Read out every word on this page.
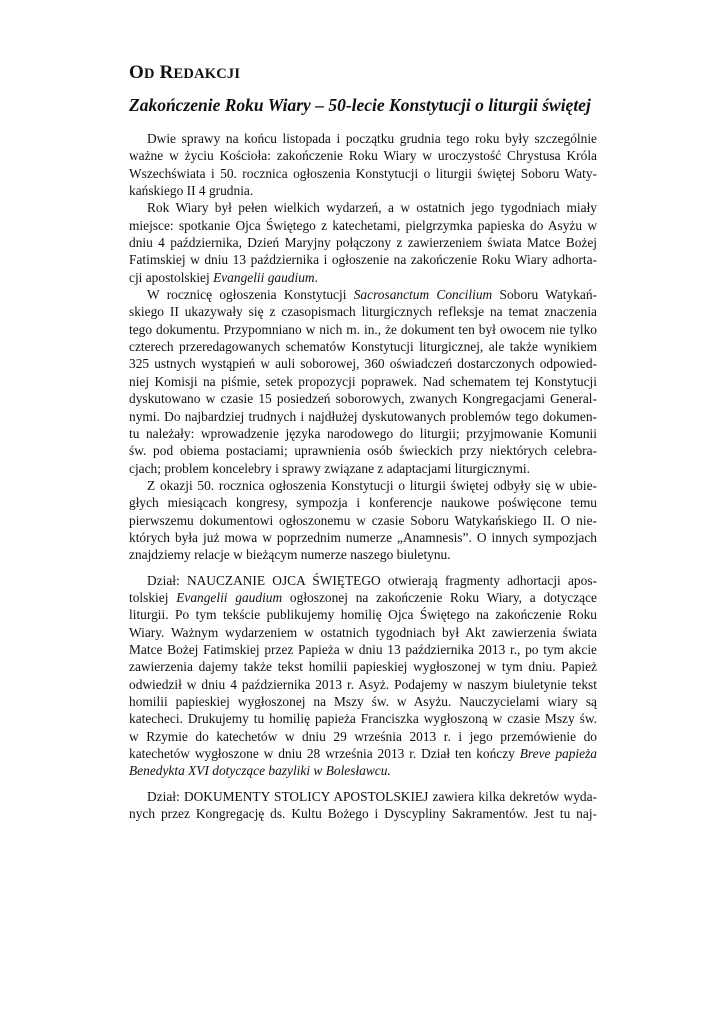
OD REDAKCJI
Zakończenie Roku Wiary – 50-lecie Konstytucji o liturgii świętej
Dwie sprawy na końcu listopada i początku grudnia tego roku były szczególnie
ważne w życiu Kościoła: zakończenie Roku Wiary w uroczystość Chrystusa Króla
Wszechświata i 50. rocznica ogłoszenia Konstytucji o liturgii świętej Soboru Waty-
kańskiego II 4 grudnia.
Rok Wiary był pełen wielkich wydarzeń, a w ostatnich jego tygodniach miały
miejsce: spotkanie Ojca Świętego z katechetami, pielgrzymka papieska do Asyżu w
dniu 4 października, Dzień Maryjny połączony z zawierzeniem świata Matce Bożej
Fatimskiej w dniu 13 października i ogłoszenie na zakończenie Roku Wiary adhorta-
cji apostolskiej Evangelii gaudium.
W rocznicę ogłoszenia Konstytucji Sacrosanctum Concilium Soboru Watykań-
skiego II ukazywały się z czasopismach liturgicznych refleksje na temat znaczenia
tego dokumentu. Przypomniano w nich m. in., że dokument ten był owocem nie tylko
czterech przeredagowanych schematów Konstytucji liturgicznej, ale także wynikiem
325 ustnych wystąpień w auli soborowej, 360 oświadczeń dostarczonych odpowied-
niej Komisji na piśmie, setek propozycji poprawek. Nad schematem tej Konstytucji
dyskutowano w czasie 15 posiedzeń soborowych, zwanych Kongregacjami General-
nymi. Do najbardziej trudnych i najdłużej dyskutowanych problemów tego dokumen-
tu należały: wprowadzenie języka narodowego do liturgii; przyjmowanie Komunii
św. pod obiema postaciami; uprawnienia osób świeckich przy niektórych celebra-
cjach; problem koncelebry i sprawy związane z adaptacjami liturgicznymi.
Z okazji 50. rocznica ogłoszenia Konstytucji o liturgii świętej odbyły się w ubie-
głych miesiącach kongresy, sympozja i konferencje naukowe poświęcone temu
pierwszemu dokumentowi ogłoszonemu w czasie Soboru Watykańskiego II. O nie-
których była już mowa w poprzednim numerze „Anamnesis”. O innych sympozjach
znajdziemy relacje w bieżącym numerze naszego biuletynu.
Dział: NAUCZANIE OJCA ŚWIĘTEGO otwierają fragmenty adhortacji apos-
tolskiej Evangelii gaudium ogłoszonej na zakończenie Roku Wiary, a dotyczące
liturgii. Po tym tekście publikujemy homilię Ojca Świętego na zakończenie Roku
Wiary. Ważnym wydarzeniem w ostatnich tygodniach był Akt zawierzenia świata
Matce Bożej Fatimskiej przez Papieża w dniu 13 października 2013 r., po tym akcie
zawierzenia dajemy także tekst homilii papieskiej wygłoszonej w tym dniu. Papież
odwiedził w dniu 4 października 2013 r. Asyż. Podajemy w naszym biuletynie tekst
homilii papieskiej wygłoszonej na Mszy św. w Asyżu. Nauczycielami wiary są
katecheci. Drukujemy tu homilię papieża Franciszka wygłoszoną w czasie Mszy św.
w Rzymie do katechetów w dniu 29 września 2013 r. i jego przemówienie do
katechetów wygłoszone w dniu 28 września 2013 r. Dział ten kończy Breve papieża
Benedykta XVI dotyczące bazyliki w Bolesławcu.
Dział: DOKUMENTY STOLICY APOSTOLSKIEJ zawiera kilka dekretów wyda-
nych przez Kongregację ds. Kultu Bożego i Dyscypliny Sakramentów. Jest tu naj-
